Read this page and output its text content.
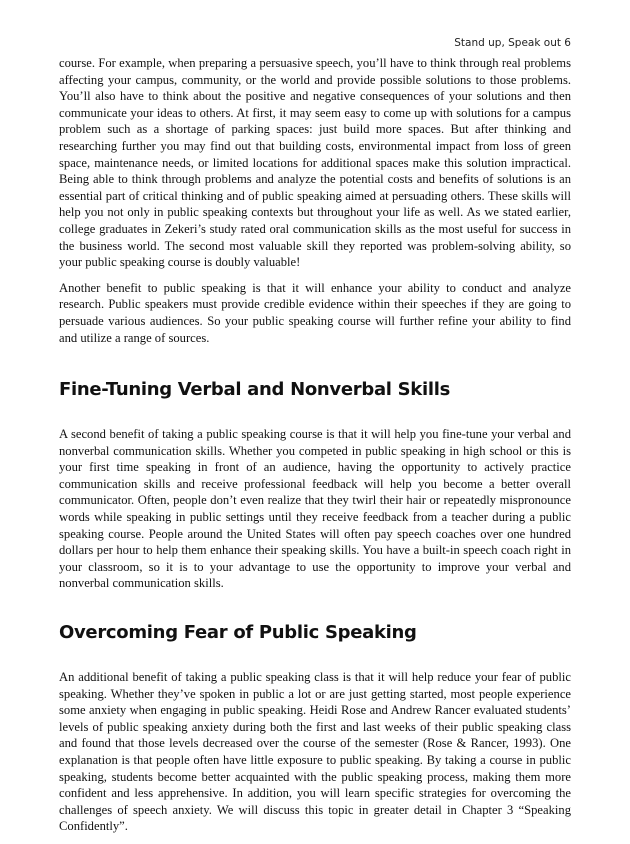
Stand up, Speak out 6

course. For example, when preparing a persuasive speech, you’ll have to think through real problems affecting your campus, community, or the world and provide possible solutions to those problems. You’ll also have to think about the positive and negative consequences of your solutions and then communicate your ideas to others. At first, it may seem easy to come up with solutions for a campus problem such as a shortage of parking spaces: just build more spaces. But after thinking and researching further you may find out that building costs, environmental impact from loss of green space, maintenance needs, or limited locations for additional spaces make this solution impractical. Being able to think through problems and analyze the potential costs and benefits of solutions is an essential part of critical thinking and of public speaking aimed at persuading others. These skills will help you not only in public speaking contexts but throughout your life as well. As we stated earlier, college graduates in Zekeri’s study rated oral communication skills as the most useful for success in the business world. The second most valuable skill they reported was problem-solving ability, so your public speaking course is doubly valuable!

Another benefit to public speaking is that it will enhance your ability to conduct and analyze research. Public speakers must provide credible evidence within their speeches if they are going to persuade various audiences. So your public speaking course will further refine your ability to find and utilize a range of sources.

Fine-Tuning Verbal and Nonverbal Skills

A second benefit of taking a public speaking course is that it will help you fine-tune your verbal and nonverbal communication skills. Whether you competed in public speaking in high school or this is your first time speaking in front of an audience, having the opportunity to actively practice communication skills and receive professional feedback will help you become a better overall communicator. Often, people don’t even realize that they twirl their hair or repeatedly mispronounce words while speaking in public settings until they receive feedback from a teacher during a public speaking course. People around the United States will often pay speech coaches over one hundred dollars per hour to help them enhance their speaking skills. You have a built-in speech coach right in your classroom, so it is to your advantage to use the opportunity to improve your verbal and nonverbal communication skills.

Overcoming Fear of Public Speaking

An additional benefit of taking a public speaking class is that it will help reduce your fear of public speaking. Whether they’ve spoken in public a lot or are just getting started, most people experience some anxiety when engaging in public speaking. Heidi Rose and Andrew Rancer evaluated students’ levels of public speaking anxiety during both the first and last weeks of their public speaking class and found that those levels decreased over the course of the semester (Rose & Rancer, 1993). One explanation is that people often have little exposure to public speaking. By taking a course in public speaking, students become better acquainted with the public speaking process, making them more confident and less apprehensive. In addition, you will learn specific strategies for overcoming the challenges of speech anxiety. We will discuss this topic in greater detail in Chapter 3 “Speaking Confidently”.
